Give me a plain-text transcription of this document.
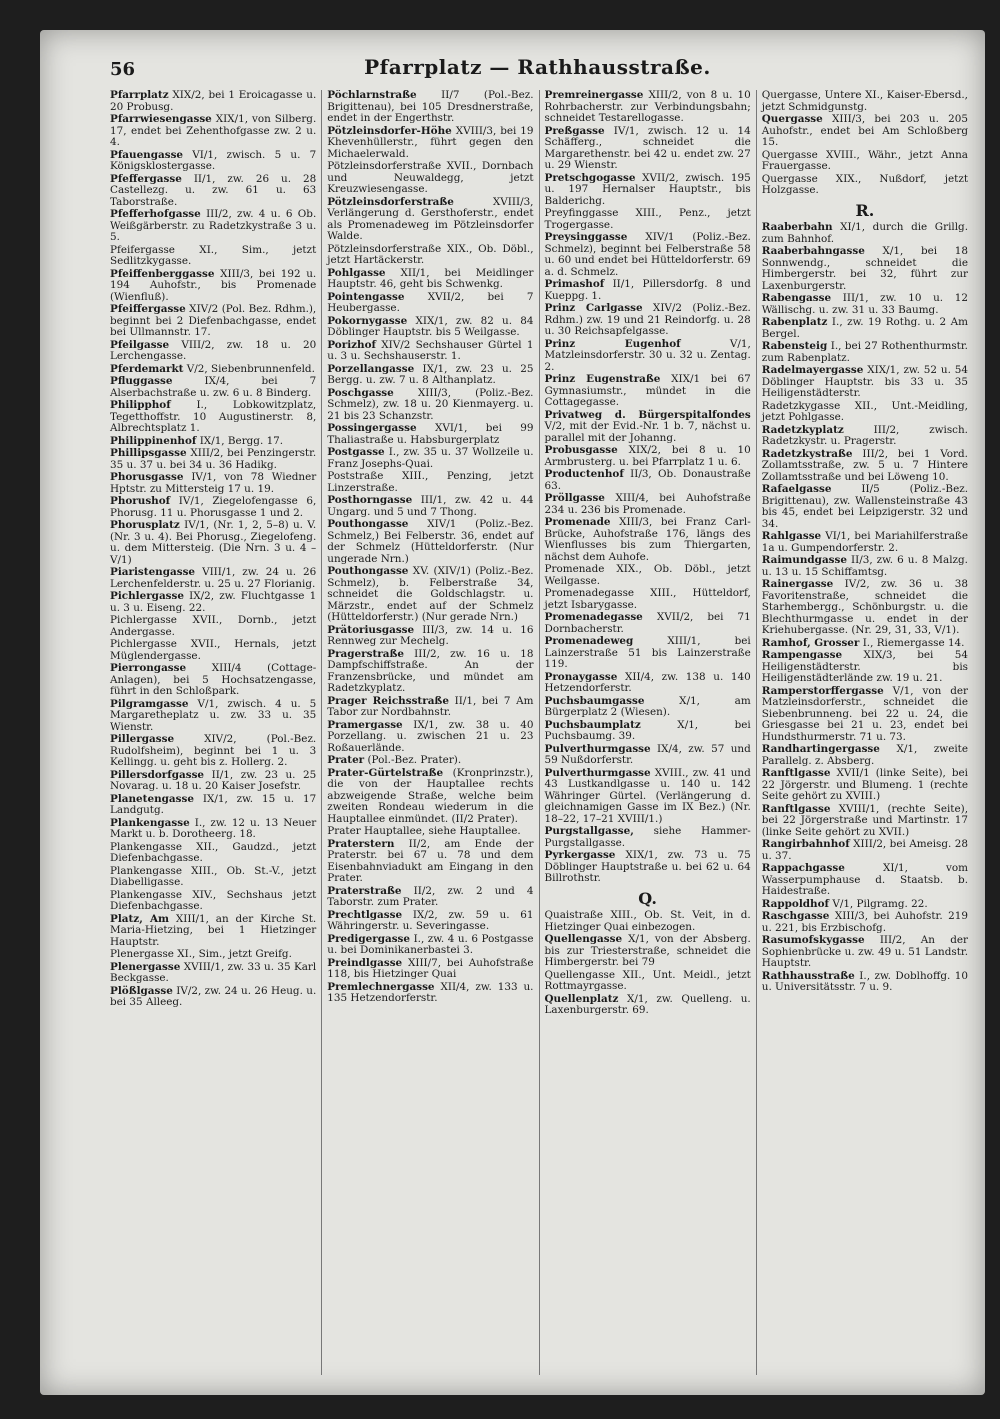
56	Pfarrplatz — Rathhausstraße.

Pfarrplatz XIX/2, bei 1 Eroicagasse u. 20 Probusg.

Pfarrwiesengasse XIX/1, von Silberg. 17, endet bei Zehenthofgasse zw. 2 u. 4.

Pfauengasse VI/1, zwisch. 5 u. 7 Königsklostergasse.

Pfeffergasse II/1, zw. 26 u. 28 Castellezg. u. zw. 61 u. 63 Taborstraße.

Pfefferhofgasse III/2, zw. 4 u. 6 Ob. Weißgärberstr. zu Radetzkystraße 3 u. 5.

Pfeifergasse XI., Sim., jetzt Sedlitzkygasse.

Pfeiffenberggasse XIII/3, bei 192 u. 194 Auhofstr., bis Promenade (Wienfluß).

Pfeiffergasse XIV/2 (Pol. Bez. Rdhm.), beginnt bei 2 Diefenbachgasse, endet bei Ullmannstr. 17.

Pfeilgasse VIII/2, zw. 18 u. 20 Lerchengasse.

Pferdemarkt V/2, Siebenbrunnenfeld.

Pfluggasse	IX/4, bei 7 Alserbachstraße u. zw. 6 u. 8 Binderg.

Philipphof I., Lobkowitzplatz, Tegetthoffstr. 10 Augustinerstr. 8, Albrechtsplatz 1.

Philippinenhof IX/1, Bergg. 17.

Phillipsgasse XIII/2, bei Penzingerstr. 35 u. 37 u. bei 34 u. 36 Hadikg.

Phorusgasse IV/1, von 78 Wiedner Hptstr. zu Mittersteig 17 u. 19.

Phorushof IV/1, Ziegelofengasse 6, Phorusg. 11 u. Phorusgasse 1 und 2.

Phorusplatz IV/1, (Nr. 1, 2, 5–8) u. V. (Nr. 3 u. 4). Bei Phorusg., Ziegelofeng. u. dem Mittersteig. (Die Nrn. 3 u. 4 – V/1)

Piaristengasse VIII/1, zw. 24 u. 26 Lerchenfelderstr. u. 25 u. 27 Florianig.

Pichlergasse IX/2, zw. Fluchtgasse 1 u. 3 u. Eiseng. 22.

Pichlergasse XVII., Dornb., jetzt Andergasse.

Pichlergasse XVII., Hernals, jetzt Müglendergasse.

Pierrongasse XIII/4 (Cottage-Anlagen), bei 5 Hochsatzengasse, führt in den Schloßpark.

Pilgramgasse V/1, zwisch. 4 u. 5 Margaretheplatz u. zw. 33 u. 35 Wienstr.

Pillergasse	XIV/2, (Pol.-Bez. Rudolfsheim), beginnt bei 1 u. 3 Kellingg. u. geht bis z. Hollerg. 2.

Pillersdorfgasse II/1, zw. 23 u. 25 Novarag. u. 18 u. 20 Kaiser Josefstr.

Planetengasse IX/1, zw. 15 u. 17 Landgutg.

Plankengasse I., zw. 12 u. 13 Neuer Markt u. b. Dorotheerg. 18.

Plankengasse XII., Gaudzd., jetzt Diefenbachgasse.

Plankengasse XIII., Ob. St.-V., jetzt Diabelligasse.

Plankengasse XIV., Sechshaus jetzt Diefenbachgasse.

Platz, Am XIII/1, an der Kirche St. Maria-Hietzing, bei 1 Hietzinger Hauptstr.

Plenergasse XI., Sim., jetzt Greifg.

Plenergasse XVIII/1, zw. 33 u. 35 Karl Beckgasse.

Plößlgasse IV/2, zw. 24 u. 26 Heug. u. bei 35 Alleeg.

Pöchlarnstraße II/7 (Pol.-Bez. Brigittenau), bei 105 Dresdnerstraße, endet in der Engerthstr.

Pötzleinsdorfer-Höhe XVIII/3, bei 19 Khevenhüllerstr., führt gegen den Michaelerwald.

Pötzleinsdorferstraße XVII., Dornbach und Neuwaldegg, jetzt Kreuzwiesengasse.

Pötzleinsdorferstraße	XVIII/3, Verlängerung d. Gersthoferstr., endet als Promenadeweg im Pötzleinsdorfer Walde.

Pötzleinsdorferstraße XIX., Ob. Döbl., jetzt Hartäckerstr.

Pohlgasse XII/1, bei Meidlinger Hauptstr. 46, geht bis Schwenkg.

Pointengasse XVII/2, bei 7 Heubergasse.

Pokornygasse XIX/1, zw. 82 u. 84 Döblinger Hauptstr. bis 5 Weilgasse.

Porizhof XIV/2 Sechshauser Gürtel 1 u. 3 u. Sechshauserstr. 1.

Porzellangasse IX/1, zw. 23 u. 25 Bergg. u. zw. 7 u. 8 Althanplatz.

Poschgasse XIII/3, (Poliz.-Bez. Schmelz), zw. 18 u. 20 Kienmayerg. u. 21 bis 23 Schanzstr.

Possingergasse XVI/1, bei 99 Thaliastraße u. Habsburgerplatz

Postgasse I., zw. 35 u. 37 Wollzeile u. Franz Josephs-Quai.

Poststraße XIII., Penzing, jetzt Linzerstraße.

Posthorngasse III/1, zw. 42 u. 44 Ungarg. und 5 und 7 Thong.

Pouthongasse XIV/1 (Poliz.-Bez. Schmelz,) Bei Felberstr. 36, endet auf der Schmelz (Hütteldorferstr. (Nur ungerade Nrn.)

Pouthongasse XV. (XIV/1) (Poliz.-Bez. Schmelz), b. Felberstraße 34, schneidet die Goldschlagstr. u. Märzstr., endet auf der Schmelz (Hütteldorferstr.) (Nur gerade Nrn.)

Prätoriusgasse III/3, zw. 14 u. 16 Rennweg zur Mechelg.

Pragerstraße III/2, zw. 16 u. 18 Dampfschiffstraße. An der Franzensbrücke, und mündet am Radetzkyplatz.

Prager Reichsstraße II/1, bei 7 Am Tabor zur Nordbahnstr.

Pramergasse IX/1, zw. 38 u. 40 Porzellang. u. zwischen 21 u. 23 Roßauerlände.

Prater (Pol.-Bez. Prater).

Prater-Gürtelstraße (Kronprinzstr.), die von der Hauptallee rechts abzweigende Straße, welche beim zweiten Rondeau wiederum in die Hauptallee einmündet. (II/2 Prater).

Prater Hauptallee, siehe Hauptallee.

Praterstern II/2, am Ende der Praterstr. bei 67 u. 78 und dem Eisenbahnviadukt am Eingang in den Prater.

Praterstraße II/2, zw. 2 und 4 Taborstr. zum Prater.

Prechtlgasse IX/2, zw. 59 u. 61 Währingerstr. u. Severingasse.

Predigergasse I., zw. 4 u. 6 Postgasse u. bei Dominikanerbastei 3.

Preindlgasse XIII/7, bei Auhofstraße 118, bis Hietzinger Quai

Premlechnergasse XII/4, zw. 133 u. 135 Hetzendorferstr.

Premreinergasse XIII/2, von 8 u. 10 Rohrbacherstr. zur Verbindungsbahn; schneidet Testarellogasse.

Preßgasse IV/1, zwisch. 12 u. 14 Schäfferg., schneidet die Margarethenstr. bei 42 u. endet zw. 27 u. 29 Wienstr.

Pretschgogasse XVII/2, zwisch. 195 u. 197 Hernalser Hauptstr., bis Balderichg.

Preyfinggasse XIII., Penz., jetzt Trogergasse.

Preysinggasse XIV/1 (Poliz.-Bez. Schmelz), beginnt bei Felberstraße 58 u. 60 und endet bei Hütteldorferstr. 69 a. d. Schmelz.

Primashof II/1, Pillersdorfg. 8 und Kueppg. 1.

Prinz Carlgasse XIV/2 (Poliz.-Bez. Rdhm.) zw. 19 und 21 Reindorfg. u. 28 u. 30 Reichsapfelgasse.

Prinz Eugenhof	V/1, Matzleinsdorferstr. 30 u. 32 u. Zentag. 2.

Prinz Eugenstraße XIX/1 bei 67 Gymnasiumstr., mündet in die Cottagegasse.

Privatweg d. Bürgerspitalfondes V/2, mit der Evid.-Nr. 1 b. 7, nächst u. parallel mit der Johanng.

Probusgasse XIX/2, bei 8 u. 10 Armbrusterg. u. bei Pfarrplatz 1 u. 6.

Productenhof II/3, Ob. Donaustraße 63.

Pröllgasse XIII/4, bei Auhofstraße 234 u. 236 bis Promenade.

Promenade XIII/3, bei Franz Carl-Brücke, Auhofstraße 176, längs des Wienflusses bis zum Thiergarten, nächst dem Auhofe.

Promenade XIX., Ob. Döbl., jetzt Weilgasse.

Promenadegasse XIII., Hütteldorf, jetzt Isbarygasse.

Promenadegasse XVII/2, bei 71 Dornbacherstr.

Promenadeweg	XIII/1, bei Lainzerstraße 51 bis Lainzerstraße 119.

Pronaygasse XII/4, zw. 138 u. 140 Hetzendorferstr.

Puchsbaumgasse	X/1, am Bürgerplatz 2 (Wiesen).

Puchsbaumplatz	X/1, bei Puchsbaumg. 39.

Pulverthurmgasse IX/4, zw. 57 und 59 Nußdorferstr.

Pulverthurmgasse XVIII., zw. 41 und 43 Lustkandlgasse u. 140 u. 142 Währinger Gürtel. (Verlängerung d. gleichnamigen Gasse im IX Bez.) (Nr. 18–22, 17–21 XVIII/1.)

Purgstallgasse, siehe Hammer-Purgstallgasse.

Pyrkergasse XIX/1, zw. 73 u. 75 Döblinger Hauptstraße u. bei 62 u. 64 Billrothstr.

Q.

Quaistraße XIII., Ob. St. Veit, in d. Hietzinger Quai einbezogen.

Quellengasse X/1, von der Absberg. bis zur Triesterstraße, schneidet die Himbergerstr. bei 79

Quellengasse XII., Unt. Meidl., jetzt Rottmayrgasse.

Quellenplatz X/1, zw. Quelleng. u. Laxenburgerstr. 69.

Quergasse, Untere XI., Kaiser-Ebersd., jetzt Schmidgunstg.

Quergasse XIII/3, bei 203 u. 205 Auhofstr., endet bei Am Schloßberg 15.

Quergasse XVIII., Währ., jetzt Anna Frauergasse.

Quergasse XIX., Nußdorf, jetzt Holzgasse.

R.

Raaberbahn XI/1, durch die Grillg. zum Bahnhof.

Raaberbahngasse X/1, bei 18 Sonnwendg., schneidet die Himbergerstr. bei 32, führt zur Laxenburgerstr.

Rabengasse III/1, zw. 10 u. 12 Wällischg. u. zw. 31 u. 33 Baumg.

Rabenplatz I., zw. 19 Rothg. u. 2 Am Bergel.

Rabensteig I., bei 27 Rothenthurmstr. zum Rabenplatz.

Radelmayergasse XIX/1, zw. 52 u. 54 Döblinger Hauptstr. bis 33 u. 35 Heiligenstädterstr.

Radetzkygasse XII., Unt.-Meidling, jetzt Pohlgasse.

Radetzkyplatz	III/2, zwisch. Radetzkystr. u. Pragerstr.

Radetzkystraße III/2, bei 1 Vord. Zollamtsstraße, zw. 5 u. 7 Hintere Zollamtsstraße und bei Löweng 10.

Rafaelgasse	II/5 (Poliz.-Bez. Brigittenau), zw. Wallensteinstraße 43 bis 45, endet bei Leipzigerstr. 32 und 34.

Rahlgasse VI/1, bei Mariahilferstraße 1a u. Gumpendorferstr. 2.

Raimundgasse II/3, zw. 6 u. 8 Malzg. u. 13 u. 15 Schiffamtsg.

Rainergasse IV/2, zw. 36 u. 38 Favoritenstraße, schneidet die Starhembergg., Schönburgstr. u. die Blechthurmgasse u. endet in der Kriehubergasse. (Nr. 29, 31, 33, V/1).

Ramhof, Grosser I., Riemergasse 14.

Rampengasse XIX/3, bei 54 Heiligenstädterstr. bis Heiligenstädterlände zw. 19 u. 21.

Ramperstorffergasse V/1, von der Matzleinsdorferstr., schneidet die Siebenbrunneng. bei 22 u. 24, die Griesgasse bei 21 u. 23, endet bei Hundsthurmerstr. 71 u. 73.

Randhartingergasse X/1, zweite Parallelg. z. Absberg.

Ranftlgasse XVII/1 (linke Seite), bei 22 Jörgerstr. und Blumeng. 1 (rechte Seite gehört zu XVIII.)

Ranftlgasse XVIII/1, (rechte Seite), bei 22 Jörgerstraße und Martinstr. 17 (linke Seite gehört zu XVII.)

Rangirbahnhof XIII/2, bei Ameisg. 28 u. 37.

Rappachgasse	XI/1, vom Wasserpumphause d. Staatsb. b. Haidestraße.

Rappoldhof V/1, Pilgramg. 22.

Raschgasse XIII/3, bei Auhofstr. 219 u. 221, bis Erzbischofg.

Rasumofskygasse III/2, An der Sophienbrücke u. zw. 49 u. 51 Landstr. Hauptstr.

Rathhausstraße I., zw. Doblhoffg. 10 u. Universitätsstr. 7 u. 9.
